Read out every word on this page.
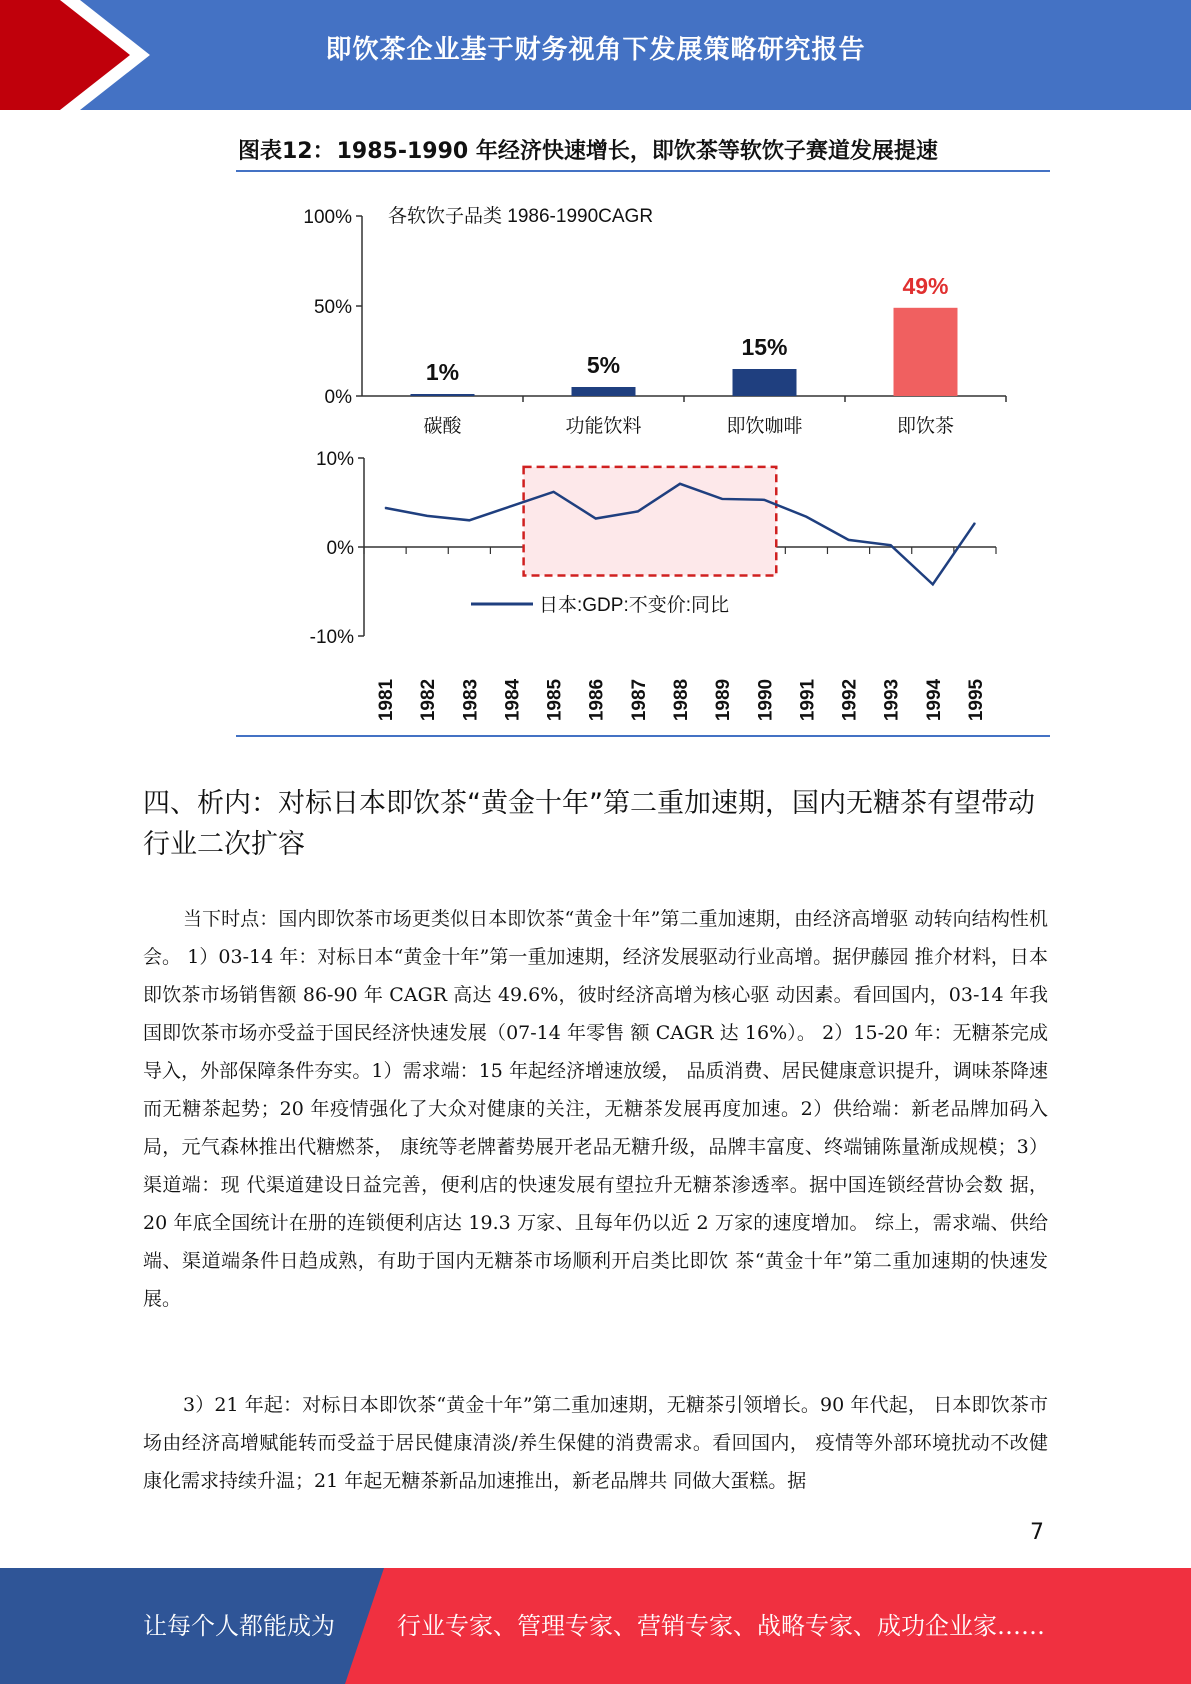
即饮茶企业基于财务视角下发展策略研究报告
图表12：1985-1990 年经济快速增长，即饮茶等软饮子赛道发展提速
100%
50%
0%
各软饮子品类 1986-1990CAGR
1%
碳酸
5%
功能饮料
15%
即饮咖啡
49%
即饮茶
10%
0%
-10%
日本:GDP:不变价:同比
1981 1982 1983 1984 1985 1986 1987 1988 1989 1990 1991 1992 1993 1994 1995
四、析内：对标日本即饮茶“黄金十年”第二重加速期，国内无糖茶有望带动行业二次扩容

当下时点：国内即饮茶市场更类似日本即饮茶“黄金十年”第二重加速期，由经济高增驱 动转向结构性机会。 1）03-14 年：对标日本“黄金十年”第一重加速期，经济发展驱动行业高增。据伊藤园 推介材料，日本即饮茶市场销售额 86-90 年 CAGR 高达 49.6%，彼时经济高增为核心驱 动因素。看回国内，03-14 年我国即饮茶市场亦受益于国民经济快速发展（07-14 年零售 额 CAGR 达 16%）。 2）15-20 年：无糖茶完成导入，外部保障条件夯实。1）需求端：15 年起经济增速放缓， 品质消费、居民健康意识提升，调味茶降速而无糖茶起势；20 年疫情强化了大众对健康的关注，无糖茶发展再度加速。2）供给端：新老品牌加码入局，元气森林推出代糖燃茶， 康统等老牌蓄势展开老品无糖升级，品牌丰富度、终端铺陈量渐成规模；3）渠道端：现 代渠道建设日益完善，便利店的快速发展有望拉升无糖茶渗透率。据中国连锁经营协会数 据，20 年底全国统计在册的连锁便利店达 19.3 万家、且每年仍以近 2 万家的速度增加。 综上，需求端、供给端、渠道端条件日趋成熟，有助于国内无糖茶市场顺利开启类比即饮 茶“黄金十年”第二重加速期的快速发展。

3）21 年起：对标日本即饮茶“黄金十年”第二重加速期，无糖茶引领增长。90 年代起， 日本即饮茶市场由经济高增赋能转而受益于居民健康清淡/养生保健的消费需求。看回国内， 疫情等外部环境扰动不改健康化需求持续升温；21 年起无糖茶新品加速推出，新老品牌共 同做大蛋糕。据

7
让每个人都能成为	行业专家、管理专家、营销专家、战略专家、成功企业家……
